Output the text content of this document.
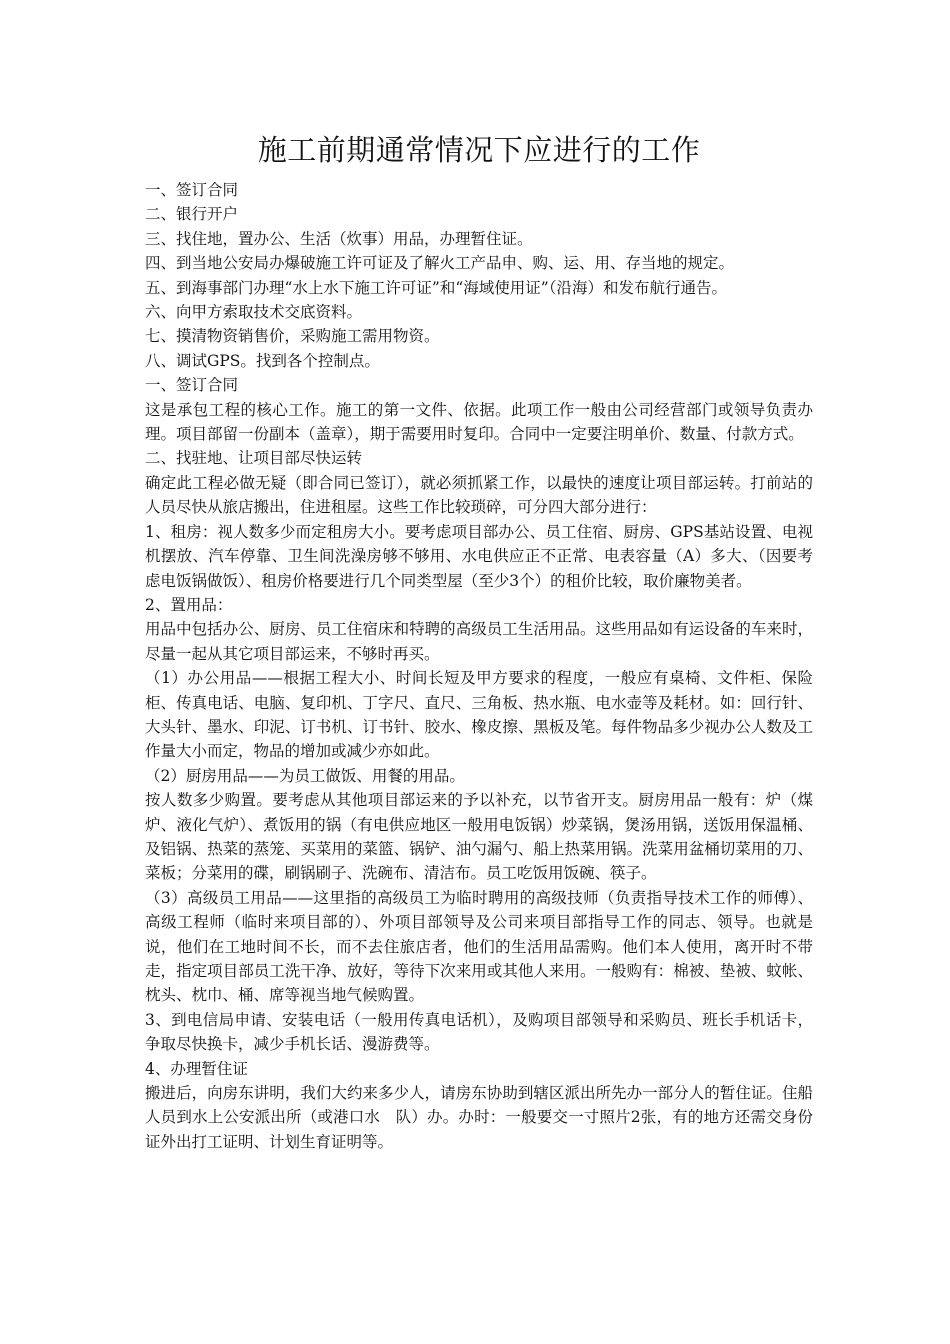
施工前期通常情况下应进行的工作

一、签订合同

二、银行开户

三、找住地，置办公、生活（炊事）用品，办理暂住证。

四、到当地公安局办爆破施工许可证及了解火工产品申、购、运、用、存当地的规定。

五、到海事部门办理“水上水下施工许可证”和“海域使用证”（沿海）和发布航行通告。

六、向甲方索取技术交底资料。

七、摸清物资销售价，采购施工需用物资。

八、调试GPS。找到各个控制点。

一、签订合同

这是承包工程的核心工作。施工的第一文件、依据。此项工作一般由公司经营部门或领导负责办理。项目部留一份副本（盖章），期于需要用时复印。合同中一定要注明单价、数量、付款方式。

二、找驻地、让项目部尽快运转

确定此工程必做无疑（即合同已签订），就必须抓紧工作，以最快的速度让项目部运转。打前站的人员尽快从旅店搬出，住进租屋。这些工作比较琐碎，可分四大部分进行：

1、租房：视人数多少而定租房大小。要考虑项目部办公、员工住宿、厨房、GPS基站设置、电视机摆放、汽车停靠、卫生间洗澡房够不够用、水电供应正不正常、电表容量（A）多大、（因要考虑电饭锅做饭）、租房价格要进行几个同类型屋（至少3个）的租价比较，取价廉物美者。

2、置用品：

用品中包括办公、厨房、员工住宿床和特聘的高级员工生活用品。这些用品如有运设备的车来时，尽量一起从其它项目部运来，不够时再买。

（1）办公用品——根据工程大小、时间长短及甲方要求的程度，一般应有桌椅、文件柜、保险柜、传真电话、电脑、复印机、丁字尺、直尺、三角板、热水瓶、电水壶等及耗材。如：回行针、大头针、墨水、印泥、订书机、订书针、胶水、橡皮擦、黑板及笔。每件物品多少视办公人数及工作量大小而定，物品的增加或减少亦如此。

（2）厨房用品——为员工做饭、用餐的用品。

按人数多少购置。要考虑从其他项目部运来的予以补充，以节省开支。厨房用品一般有：炉（煤炉、液化气炉）、煮饭用的锅（有电供应地区一般用电饭锅）炒菜锅，煲汤用锅，送饭用保温桶、及铝锅、热菜的蒸笼、买菜用的菜篮、锅铲、油勺漏勺、船上热菜用锅。洗菜用盆桶切菜用的刀、菜板；分菜用的碟，刷锅刷子、洗碗布、清洁布。员工吃饭用饭碗、筷子。

（3）高级员工用品——这里指的高级员工为临时聘用的高级技师（负责指导技术工作的师傅）、高级工程师（临时来项目部的）、外项目部领导及公司来项目部指导工作的同志、领导。也就是说，他们在工地时间不长，而不去住旅店者，他们的生活用品需购。他们本人使用，离开时不带走，指定项目部员工洗干净、放好，等待下次来用或其他人来用。一般购有：棉被、垫被、蚊帐、枕头、枕巾、桶、席等视当地气候购置。

3、到电信局申请、安装电话（一般用传真电话机），及购项目部领导和采购员、班长手机话卡，争取尽快换卡，减少手机长话、漫游费等。

4、办理暂住证

搬进后，向房东讲明，我们大约来多少人，请房东协助到辖区派出所先办一部分人的暂住证。住船人员到水上公安派出所（或港口水　队）办。办时：一般要交一寸照片2张，有的地方还需交身份证外出打工证明、计划生育证明等。
